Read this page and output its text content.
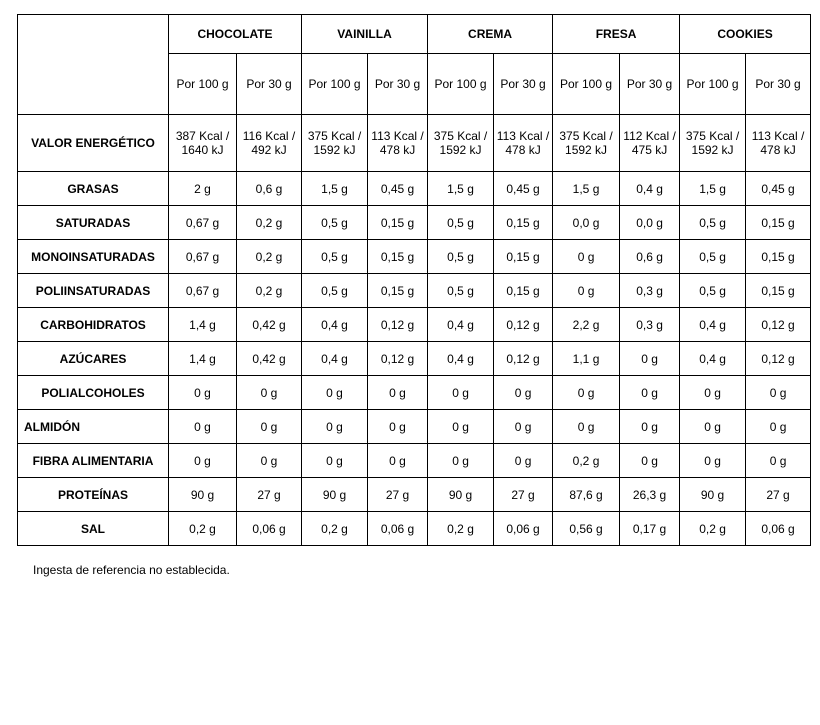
	CHOCOLATE		VAINILLA		CREMA		FRESA		COOKIES	
	Por 100 g	Por 30 g	Por 100 g	Por 30 g	Por 100 g	Por 30 g	Por 100 g	Por 30 g	Por 100 g	Por 30 g
VALOR ENERGÉTICO	387 Kcal / 1640 kJ	116 Kcal / 492 kJ	375 Kcal / 1592 kJ	113 Kcal / 478 kJ	375 Kcal / 1592 kJ	113 Kcal / 478 kJ	375 Kcal / 1592 kJ	112 Kcal / 475 kJ	375 Kcal / 1592 kJ	113 Kcal / 478 kJ
GRASAS	2 g	0,6 g	1,5 g	0,45 g	1,5 g	0,45 g	1,5 g	0,4 g	1,5 g	0,45 g
SATURADAS	0,67 g	0,2 g	0,5 g	0,15 g	0,5 g	0,15 g	0,0 g	0,0 g	0,5 g	0,15 g
MONOINSATURADAS	0,67 g	0,2 g	0,5 g	0,15 g	0,5 g	0,15 g	0 g	0,6 g	0,5 g	0,15 g
POLIINSATURADAS	0,67 g	0,2 g	0,5 g	0,15 g	0,5 g	0,15 g	0 g	0,3 g	0,5 g	0,15 g
CARBOHIDRATOS	1,4 g	0,42 g	0,4 g	0,12 g	0,4 g	0,12 g	2,2 g	0,3 g	0,4 g	0,12 g
AZÚCARES	1,4 g	0,42 g	0,4 g	0,12 g	0,4 g	0,12 g	1,1 g	0 g	0,4 g	0,12 g
POLIALCOHOLES	0 g	0 g	0 g	0 g	0 g	0 g	0 g	0 g	0 g	0 g
ALMIDÓN	0 g	0 g	0 g	0 g	0 g	0 g	0 g	0 g	0 g	0 g
FIBRA ALIMENTARIA	0 g	0 g	0 g	0 g	0 g	0 g	0,2 g	0 g	0 g	0 g
PROTEÍNAS	90 g	27 g	90 g	27 g	90 g	27 g	87,6 g	26,3 g	90 g	27 g
SAL	0,2 g	0,06 g	0,2 g	0,06 g	0,2 g	0,06 g	0,56 g	0,17 g	0,2 g	0,06 g
Ingesta de referencia no establecida.
